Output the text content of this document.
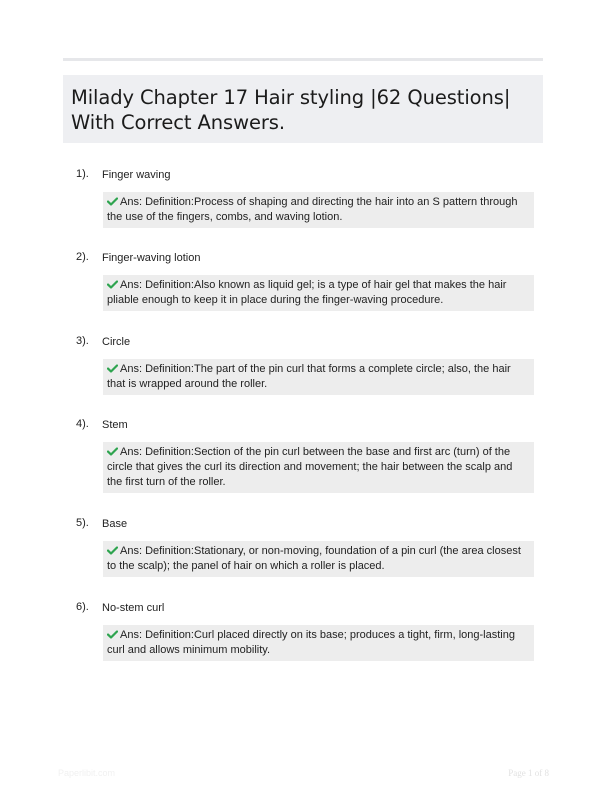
Milady Chapter 17 Hair styling |62 Questions| With Correct Answers.
1). Finger waving
Ans: Definition:Process of shaping and directing the hair into an S pattern through the use of the fingers, combs, and waving lotion.
2). Finger-waving lotion
Ans: Definition:Also known as liquid gel; is a type of hair gel that makes the hair pliable enough to keep it in place during the finger-waving procedure.
3). Circle
Ans: Definition:The part of the pin curl that forms a complete circle; also, the hair that is wrapped around the roller.
4). Stem
Ans: Definition:Section of the pin curl between the base and first arc (turn) of the circle that gives the curl its direction and movement; the hair between the scalp and the first turn of the roller.
5). Base
Ans: Definition:Stationary, or non-moving, foundation of a pin curl (the area closest to the scalp); the panel of hair on which a roller is placed.
6). No-stem curl
Ans: Definition:Curl placed directly on its base; produces a tight, firm, long-lasting curl and allows minimum mobility.
Paperlibit.com	Page 1 of 8
